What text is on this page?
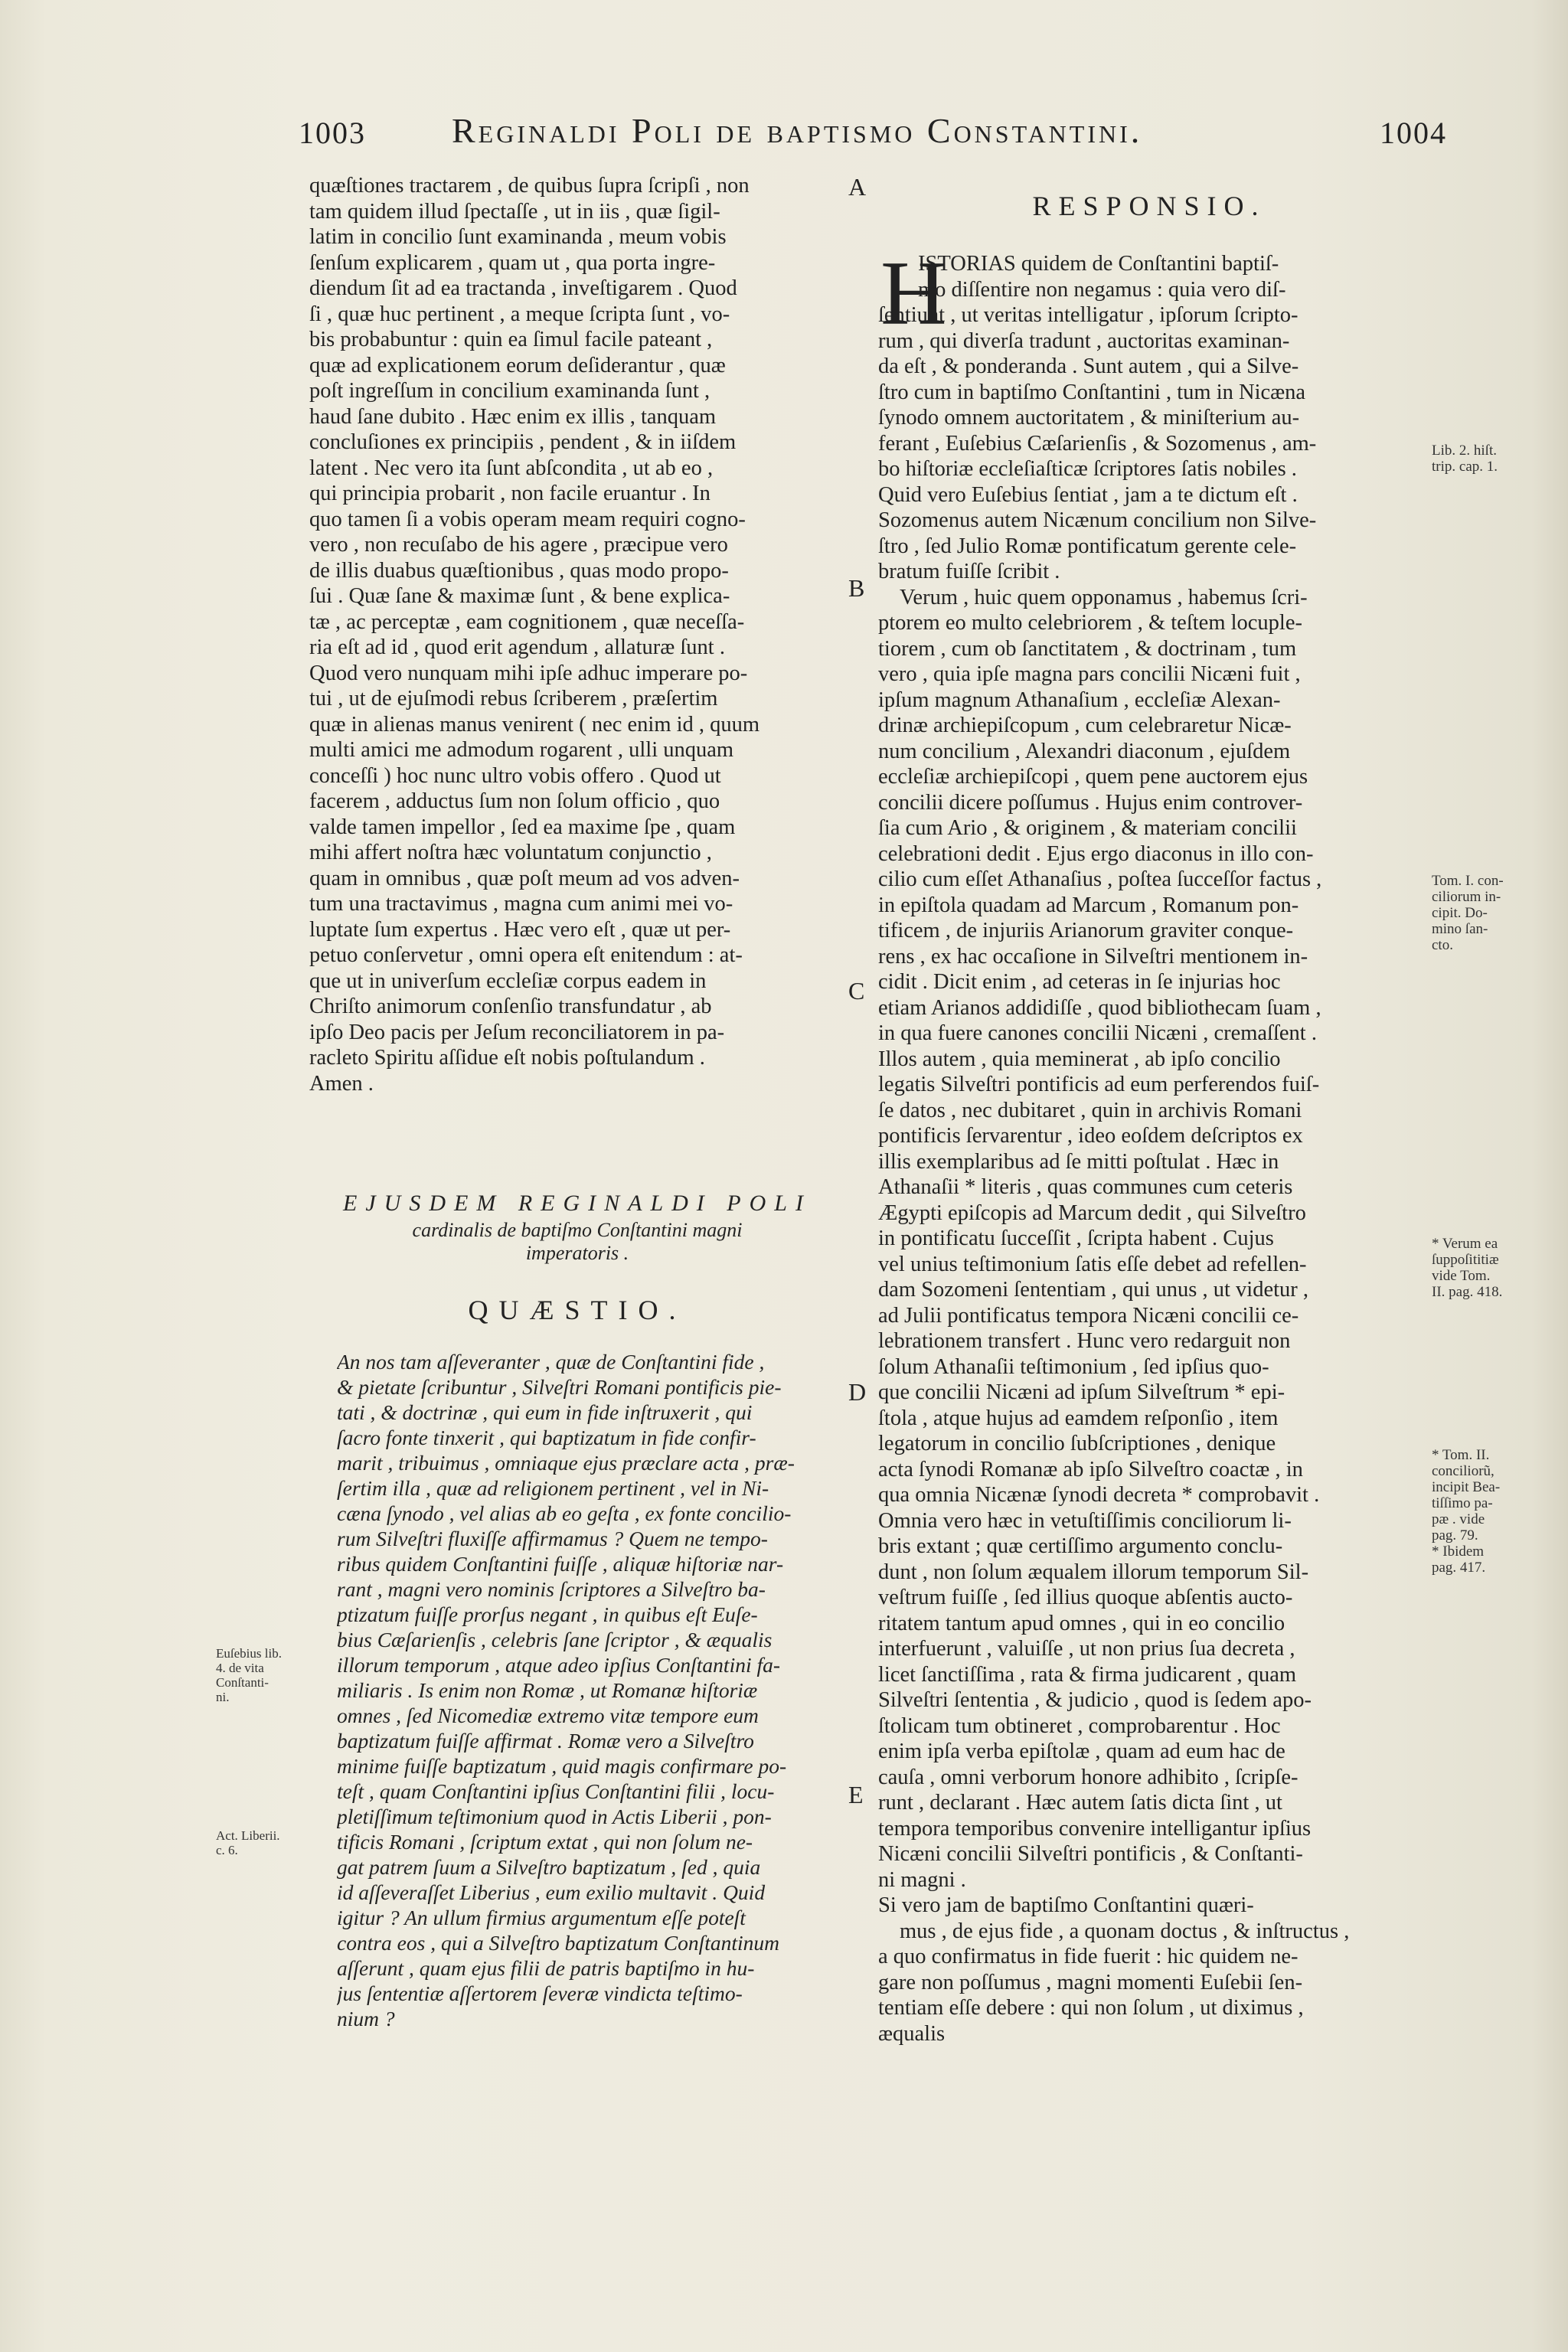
1003 Reginaldi Poli de baptismo Constantini.	1004
A
B
C
D
E
quæſtiones tractarem , de quibus ſupra ſcripſi , non
tam quidem illud ſpectaſſe , ut in iis , quæ ſigil-
latim in concilio ſunt examinanda , meum vobis
ſenſum explicarem , quam ut , qua porta ingre-
diendum ſit ad ea tractanda , inveſtigarem . Quod
ſi , quæ huc pertinent , a meque ſcripta ſunt , vo-
bis probabuntur : quin ea ſimul facile pateant ,
quæ ad explicationem eorum deſiderantur , quæ
poſt ingreſſum in concilium examinanda ſunt ,
haud ſane dubito . Hæc enim ex illis , tanquam
concluſiones ex principiis , pendent , & in iiſdem
latent . Nec vero ita ſunt abſcondita , ut ab eo ,
qui principia probarit , non facile eruantur . In
quo tamen ſi a vobis operam meam requiri cogno-
vero , non recuſabo de his agere , præcipue vero
de illis duabus quæſtionibus , quas modo propo-
ſui . Quæ ſane & maximæ ſunt , & bene explica-
tæ , ac perceptæ , eam cognitionem , quæ neceſſa-
ria eſt ad id , quod erit agendum , allaturæ ſunt .
Quod vero nunquam mihi ipſe adhuc imperare po-
tui , ut de ejuſmodi rebus ſcriberem , præſertim
quæ in alienas manus venirent ( nec enim id , quum
multi amici me admodum rogarent , ulli unquam
conceſſi ) hoc nunc ultro vobis offero . Quod ut
facerem , adductus ſum non ſolum officio , quo
valde tamen impellor , ſed ea maxime ſpe , quam
mihi affert noſtra hæc voluntatum conjunctio ,
quam in omnibus , quæ poſt meum ad vos adven-
tum una tractavimus , magna cum animi mei vo-
luptate ſum expertus . Hæc vero eſt , quæ ut per-
petuo conſervetur , omni opera eſt enitendum : at-
que ut in univerſum eccleſiæ corpus eadem in
Chriſto animorum conſenſio transfundatur , ab
ipſo Deo pacis per Jeſum reconciliatorem in pa-
racleto Spiritu aſſidue eſt nobis poſtulandum .
Amen .
EJUSDEM REGINALDI POLI
cardinalis de baptiſmo Conſtantini magni
imperatoris .
QUÆSTIO.
An nos tam aſſeveranter , quæ de Conſtantini fide ,
& pietate ſcribuntur , Silveſtri Romani pontificis pie-
tati , & doctrinæ , qui eum in fide inſtruxerit , qui
ſacro fonte tinxerit , qui baptizatum in fide confir-
marit , tribuimus , omniaque ejus præclare acta , præ-
ſertim illa , quæ ad religionem pertinent , vel in Ni-
cæna ſynodo , vel alias ab eo geſta , ex fonte concilio-
rum Silveſtri fluxiſſe affirmamus ? Quem ne tempo-
ribus quidem Conſtantini fuiſſe , aliquæ hiſtoriæ nar-
rant , magni vero nominis ſcriptores a Silveſtro ba-
ptizatum fuiſſe prorſus negant , in quibus eſt Euſe-
bius Cæſarienſis , celebris ſane ſcriptor , & æqualis
illorum temporum , atque adeo ipſius Conſtantini fa-
miliaris . Is enim non Romæ , ut Romanæ hiſtoriæ
omnes , ſed Nicomediæ extremo vitæ tempore eum
baptizatum fuiſſe affirmat . Romæ vero a Silveſtro
minime fuiſſe baptizatum , quid magis confirmare po-
teſt , quam Conſtantini ipſius Conſtantini filii , locu-
pletiſſimum teſtimonium quod in Actis Liberii , pon-
tificis Romani , ſcriptum extat , qui non ſolum ne-
gat patrem ſuum a Silveſtro baptizatum , ſed , quia
id aſſeveraſſet Liberius , eum exilio multavit . Quid
igitur ? An ullum firmius argumentum eſſe poteſt
contra eos , qui a Silveſtro baptizatum Conſtantinum
aſſerunt , quam ejus filii de patris baptiſmo in hu-
jus ſententiæ aſſertorem ſeveræ vindicta teſtimo-
nium ?
RESPONSIO.
H
ISTORIAS quidem de Conſtantini baptiſ-
mo diſſentire non negamus : quia vero diſ-
ſentiunt , ut veritas intelligatur , ipſorum ſcripto-
rum , qui diverſa tradunt , auctoritas examinan-
da eſt , & ponderanda . Sunt autem , qui a Silve-
ſtro cum in baptiſmo Conſtantini , tum in Nicæna
ſynodo omnem auctoritatem , & miniſterium au-
ferant , Euſebius Cæſarienſis , & Sozomenus , am-
bo hiſtoriæ eccleſiaſticæ ſcriptores ſatis nobiles .
Quid vero Euſebius ſentiat , jam a te dictum eſt .
Sozomenus autem Nicænum concilium non Silve-
ſtro , ſed Julio Romæ pontificatum gerente cele-
bratum fuiſſe ſcribit .
Verum , huic quem opponamus , habemus ſcri-
ptorem eo multo celebriorem , & teſtem locuple-
tiorem , cum ob ſanctitatem , & doctrinam , tum
vero , quia ipſe magna pars concilii Nicæni fuit ,
ipſum magnum Athanaſium , eccleſiæ Alexan-
drinæ archiepiſcopum , cum celebraretur Nicæ-
num concilium , Alexandri diaconum , ejuſdem
eccleſiæ archiepiſcopi , quem pene auctorem ejus
concilii dicere poſſumus . Hujus enim controver-
ſia cum Ario , & originem , & materiam concilii
celebrationi dedit . Ejus ergo diaconus in illo con-
cilio cum eſſet Athanaſius , poſtea ſucceſſor factus ,
in epiſtola quadam ad Marcum , Romanum pon-
tificem , de injuriis Arianorum graviter conque-
rens , ex hac occaſione in Silveſtri mentionem in-
cidit . Dicit enim , ad ceteras in ſe injurias hoc
etiam Arianos addidiſſe , quod bibliothecam ſuam ,
in qua fuere canones concilii Nicæni , cremaſſent .
Illos autem , quia meminerat , ab ipſo concilio
legatis Silveſtri pontificis ad eum perferendos fuiſ-
ſe datos , nec dubitaret , quin in archivis Romani
pontificis ſervarentur , ideo eoſdem deſcriptos ex
illis exemplaribus ad ſe mitti poſtulat . Hæc in
Athanaſii * literis , quas communes cum ceteris
Ægypti epiſcopis ad Marcum dedit , qui Silveſtro
in pontificatu ſucceſſit , ſcripta habent . Cujus
vel unius teſtimonium ſatis eſſe debet ad refellen-
dam Sozomeni ſententiam , qui unus , ut videtur ,
ad Julii pontificatus tempora Nicæni concilii ce-
lebrationem transfert . Hunc vero redarguit non
ſolum Athanaſii teſtimonium , ſed ipſius quo-
que concilii Nicæni ad ipſum Silveſtrum * epi-
ſtola , atque hujus ad eamdem reſponſio , item
legatorum in concilio ſubſcriptiones , denique
acta ſynodi Romanæ ab ipſo Silveſtro coactæ , in
qua omnia Nicænæ ſynodi decreta * comprobavit .
Omnia vero hæc in vetuſtiſſimis conciliorum li-
bris extant ; quæ certiſſimo argumento conclu-
dunt , non ſolum æqualem illorum temporum Sil-
veſtrum fuiſſe , ſed illius quoque abſentis aucto-
ritatem tantum apud omnes , qui in eo concilio
interfuerunt , valuiſſe , ut non prius ſua decreta ,
licet ſanctiſſima , rata & firma judicarent , quam
Silveſtri ſententia , & judicio , quod is ſedem apo-
ſtolicam tum obtineret , comprobarentur . Hoc
enim ipſa verba epiſtolæ , quam ad eum hac de
cauſa , omni verborum honore adhibito , ſcripſe-
runt , declarant . Hæc autem ſatis dicta ſint , ut
tempora temporibus convenire intelligantur ipſius
Nicæni concilii Silveſtri pontificis , & Conſtanti-
ni magni .
Si vero jam de baptiſmo Conſtantini quæri-
mus , de ejus fide , a quonam doctus , & inſtructus ,
a quo confirmatus in fide fuerit : hic quidem ne-
gare non poſſumus , magni momenti Euſebii ſen-
tentiam eſſe debere : qui non ſolum , ut diximus ,
æqualis
Lib. 2. hiſt.
trip. cap. 1.
Tom. I. con-
ciliorum in-
cipit. Do-
mino ſan-
cto.
* Verum ea
ſuppoſititiæ
vide Tom.
II. pag. 418.
* Tom. II.
conciliorũ,
incipit Bea-
tiſſimo pa-
pæ . vide
pag. 79.
* Ibidem
pag. 417.
Euſebius lib.
4. de vita
Conſtanti-
ni.
Act. Liberii.
c. 6.
